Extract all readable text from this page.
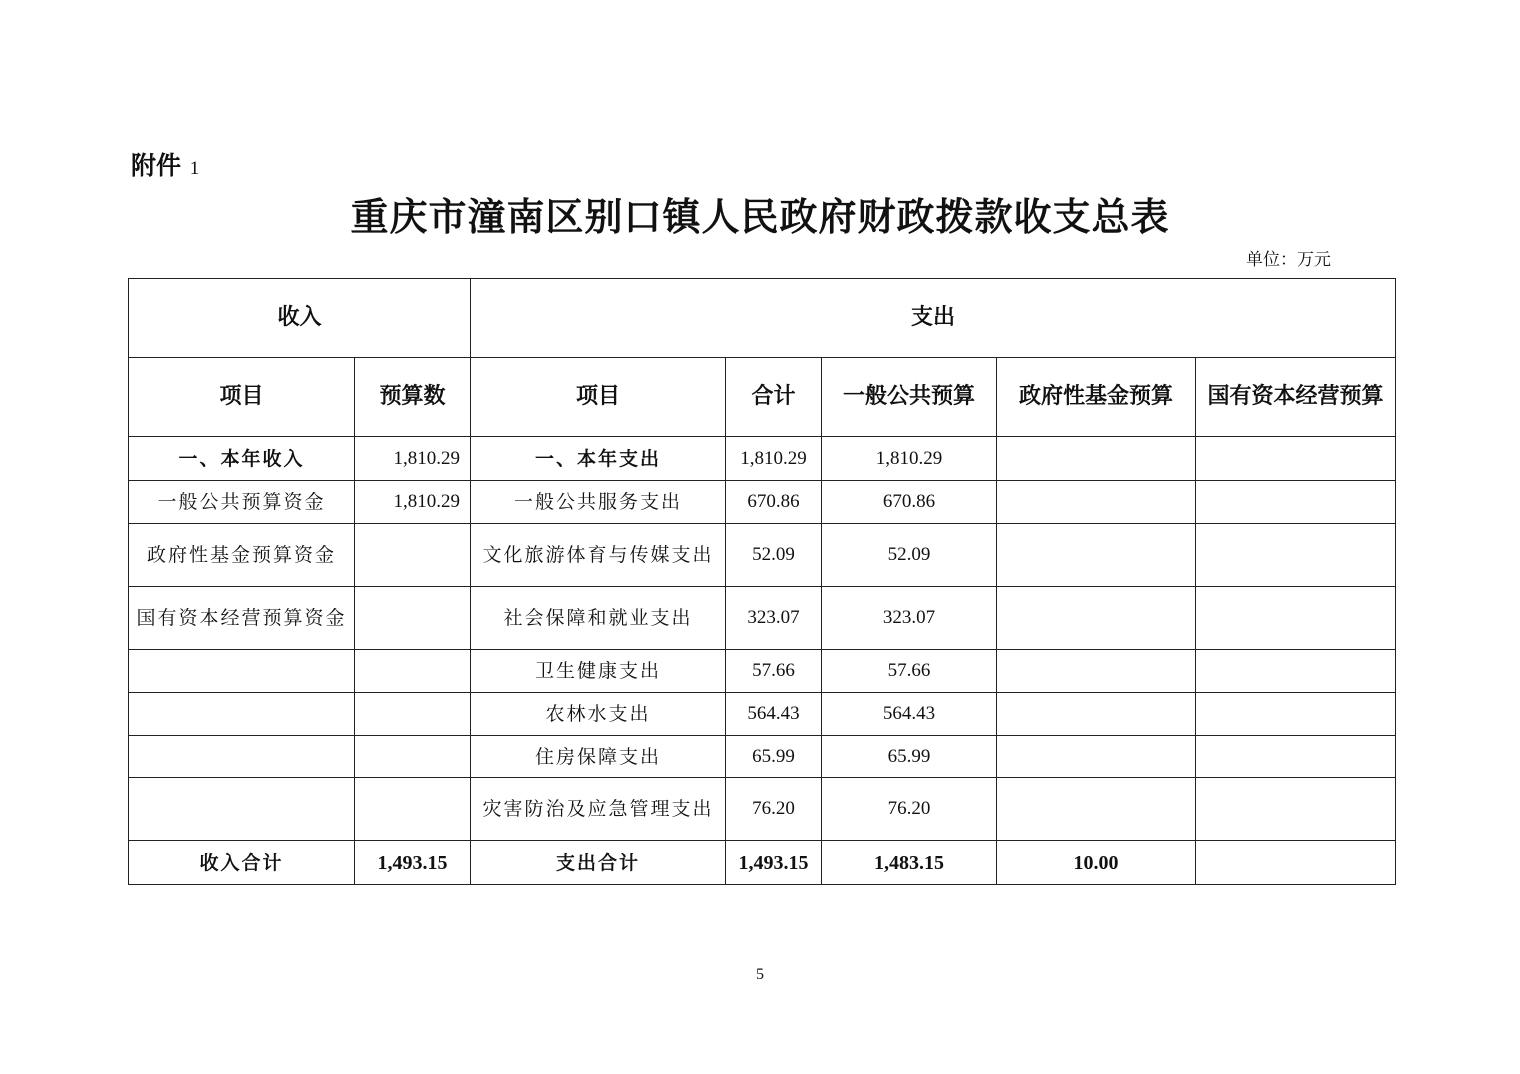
附件 1
重庆市潼南区别口镇人民政府财政拨款收支总表
单位：万元
收入		支出				
项目	预算数	项目	合计	一般公共预算	政府性基金预算	国有资本经营预算
一、本年收入	1,810.29	一、本年支出	1,810.29	1,810.29		
一般公共预算资金	1,810.29	一般公共服务支出	670.86	670.86		
政府性基金预算资金		文化旅游体育与传媒支出	52.09	52.09		
国有资本经营预算资金		社会保障和就业支出	323.07	323.07		
		卫生健康支出	57.66	57.66		
		农林水支出	564.43	564.43		
		住房保障支出	65.99	65.99		
		灾害防治及应急管理支出	76.20	76.20		
收入合计	1,493.15	支出合计	1,493.15	1,483.15	10.00	
5
